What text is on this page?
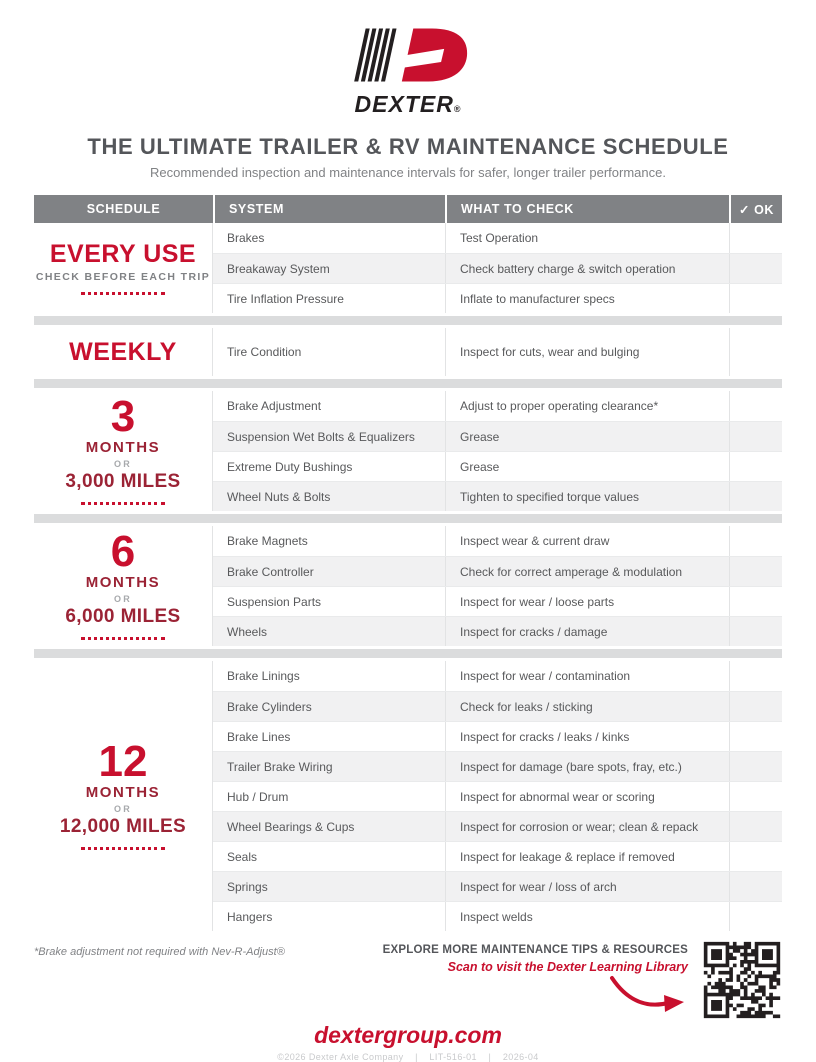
DEXTER®
THE ULTIMATE TRAILER & RV MAINTENANCE SCHEDULE
Recommended inspection and maintenance intervals for safer, longer trailer performance.
SCHEDULE	SYSTEM	WHAT TO CHECK	✓ OK
EVERY USE
CHECK BEFORE EACH TRIP
Brakes	Test Operation
Breakaway System	Check battery charge & switch operation
Tire Inflation Pressure	Inflate to manufacturer specs
WEEKLY	Tire Condition	Inspect for cuts, wear and bulging
3
MONTHS
OR
3,000 MILES
Brake Adjustment	Adjust to proper operating clearance*
Suspension Wet Bolts & Equalizers	Grease
Extreme Duty Bushings	Grease
Wheel Nuts & Bolts	Tighten to specified torque values
6
MONTHS
OR
6,000 MILES
Brake Magnets	Inspect wear & current draw
Brake Controller	Check for correct amperage & modulation
Suspension Parts	Inspect for wear / loose parts
Wheels	Inspect for cracks / damage
12
MONTHS
OR
12,000 MILES
Brake Linings	Inspect for wear / contamination
Brake Cylinders	Check for leaks / sticking
Brake Lines	Inspect for cracks / leaks / kinks
Trailer Brake Wiring	Inspect for damage (bare spots, fray, etc.)
Hub / Drum	Inspect for abnormal wear or scoring
Wheel Bearings & Cups	Inspect for corrosion or wear; clean & repack
Seals	Inspect for leakage & replace if removed
Springs	Inspect for wear / loss of arch
Hangers	Inspect welds
*Brake adjustment not required with Nev-R-Adjust®	EXPLORE MORE MAINTENANCE TIPS & RESOURCES
Scan to visit the Dexter Learning Library
dextergroup.com
©2026 Dexter Axle Company    |    LIT-516-01    |    2026-04
